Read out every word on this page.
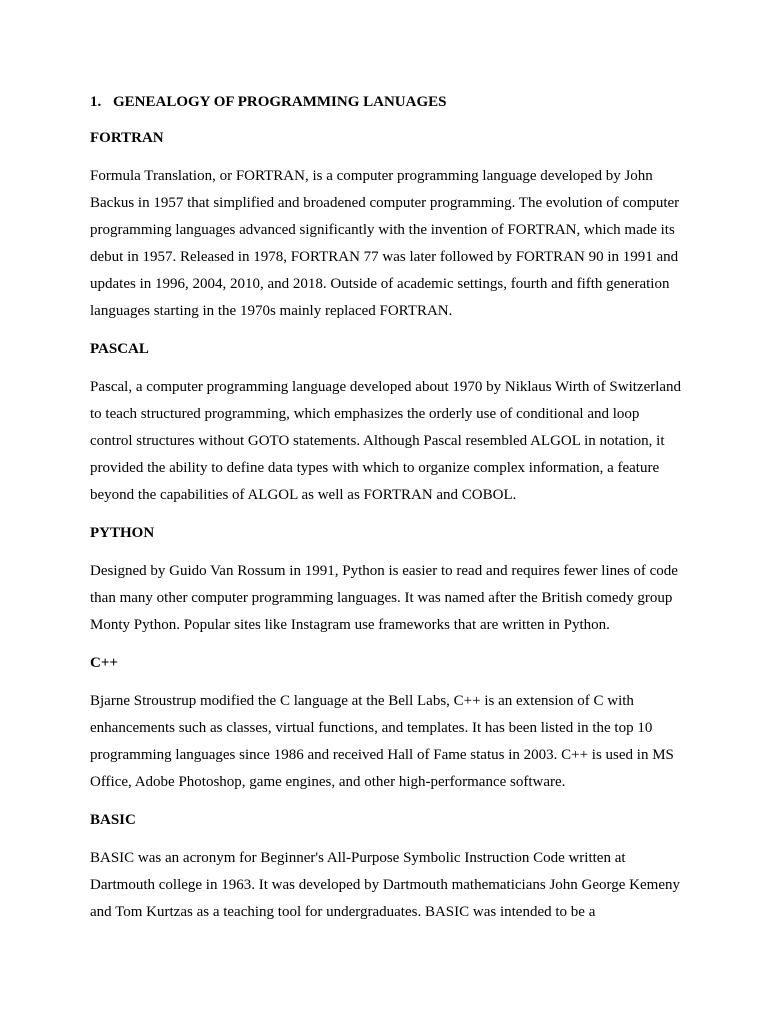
1. GENEALOGY OF PROGRAMMING LANUAGES
FORTRAN

Formula Translation, or FORTRAN, is a computer programming language developed by John Backus in 1957 that simplified and broadened computer programming. The evolution of computer programming languages advanced significantly with the invention of FORTRAN, which made its debut in 1957. Released in 1978, FORTRAN 77 was later followed by FORTRAN 90 in 1991 and updates in 1996, 2004, 2010, and 2018. Outside of academic settings, fourth and fifth generation languages starting in the 1970s mainly replaced FORTRAN.

PASCAL

Pascal, a computer programming language developed about 1970 by Niklaus Wirth of Switzerland to teach structured programming, which emphasizes the orderly use of conditional and loop control structures without GOTO statements. Although Pascal resembled ALGOL in notation, it provided the ability to define data types with which to organize complex information, a feature beyond the capabilities of ALGOL as well as FORTRAN and COBOL.

PYTHON

Designed by Guido Van Rossum in 1991, Python is easier to read and requires fewer lines of code than many other computer programming languages. It was named after the British comedy group Monty Python. Popular sites like Instagram use frameworks that are written in Python.

C++

Bjarne Stroustrup modified the C language at the Bell Labs, C++ is an extension of C with enhancements such as classes, virtual functions, and templates. It has been listed in the top 10 programming languages since 1986 and received Hall of Fame status in 2003. C++ is used in MS Office, Adobe Photoshop, game engines, and other high-performance software.

BASIC

BASIC was an acronym for Beginner's All-Purpose Symbolic Instruction Code written at Dartmouth college in 1963. It was developed by Dartmouth mathematicians John George Kemeny and Tom Kurtzas as a teaching tool for undergraduates. BASIC was intended to be a
